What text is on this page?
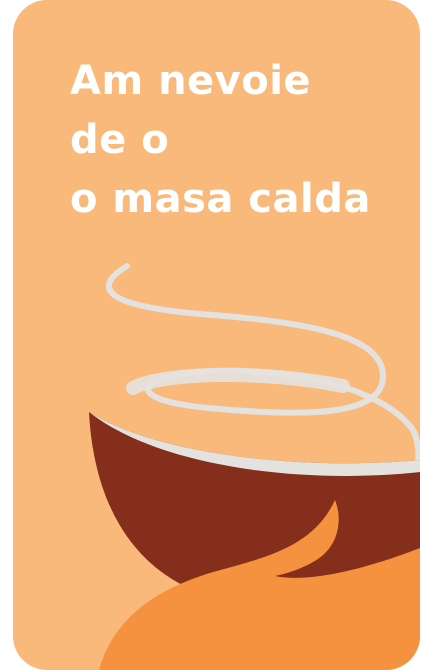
Am nevoie
de o
o masa calda
